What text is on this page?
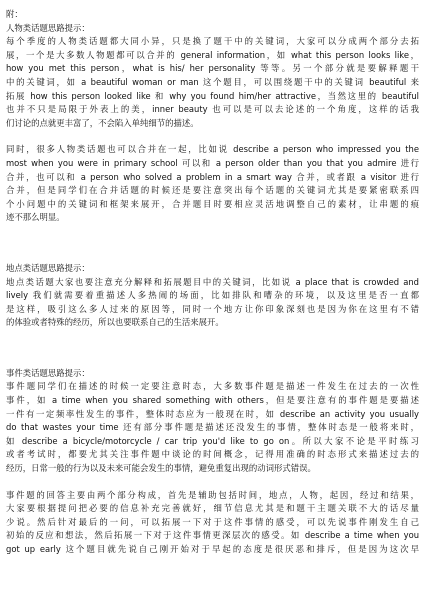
附：

人物类话题思路提示：

每个季度的人物类话题都大同小异，只是换了题干中的关键词，大家可以分成两个部分去拓

展，一个是大多数人物题都可以合并的 general information，如 what this person looks like，

how you met this person，what is his/ her personality 等等。另一个部分就是要解释题干

中的关键词，如 a beautiful woman or man 这个题目，可以围绕题干中的关键词 beautiful 来

拓展 how this person looked like 和 why you found him/her attractive，当然这里的 beautiful

也并不只是局限于外表上的美，inner beauty 也可以是可以去论述的一个角度，这样的话我

们讨论的点就更丰富了，不会陷入单纯细节的描述。

同时，很多人物类话题也可以合并在一起，比如说 describe a person who impressed you the

most when you were in primary school 可以和 a person older than you that you admire 进行

合并，也可以和 a person who solved a problem in a smart way 合并，或者跟 a visitor 进行

合并，但是同学们在合并话题的时候还是要注意突出每个话题的关键词尤其是要紧密联系四

个小问题中的关键词和框架来展开，合并题目时要相应灵活地调整自己的素材，让串题的痕

迹不那么明显。

地点类话题思路提示：

地点类话题大家也要注意充分解释和拓展题目中的关键词，比如说 a place that is crowded and

lively 我们就需要着重描述人多热闹的场面，比如排队和嘈杂的环境，以及这里是否一直都

是这样，吸引这么多人过来的原因等，同时一个地方让你印象深刻也是因为你在这里有不错

的体验或者特殊的经历，所以也要联系自己的生活来展开。

事件类话题思路提示：

事件题同学们在描述的时候一定要注意时态，大多数事件题是描述一件发生在过去的一次性

事件，如 a time when you shared something with others，但是要注意有的事件题是要描述

一件有一定频率性发生的事件，整体时态应为一般现在时，如 describe an activity you usually

do that wastes your time 还有部分事件题是描述还没发生的事情，整体时态是一般将来时，

如 describe a bicycle/motorcycle / car trip you'd like to go on。所以大家不论是平时练习

或者考试时，都要尤其关注事件题中谈论的时间概念，记得用准确的时态形式来描述过去的

经历，日常一般的行为以及未来可能会发生的事情，避免重复出现的动词形式错误。

事件题的回答主要由两个部分构成，首先是辅助包括时间，地点，人物，起因，经过和结果，

大家要根据提问把必要的信息补充完善就好，细节信息尤其是和题干主题关联不大的话尽量

少说。然后针对最后的一问，可以拓展一下对于这件事情的感受，可以先说事件刚发生自己

初始的反应和想法，然后拓展一下对于这件事情更深层次的感受。如 describe a time when you

got up early 这个题目就先说自己刚开始对于早起的态度是很厌恶和排斥，但是因为这次早
